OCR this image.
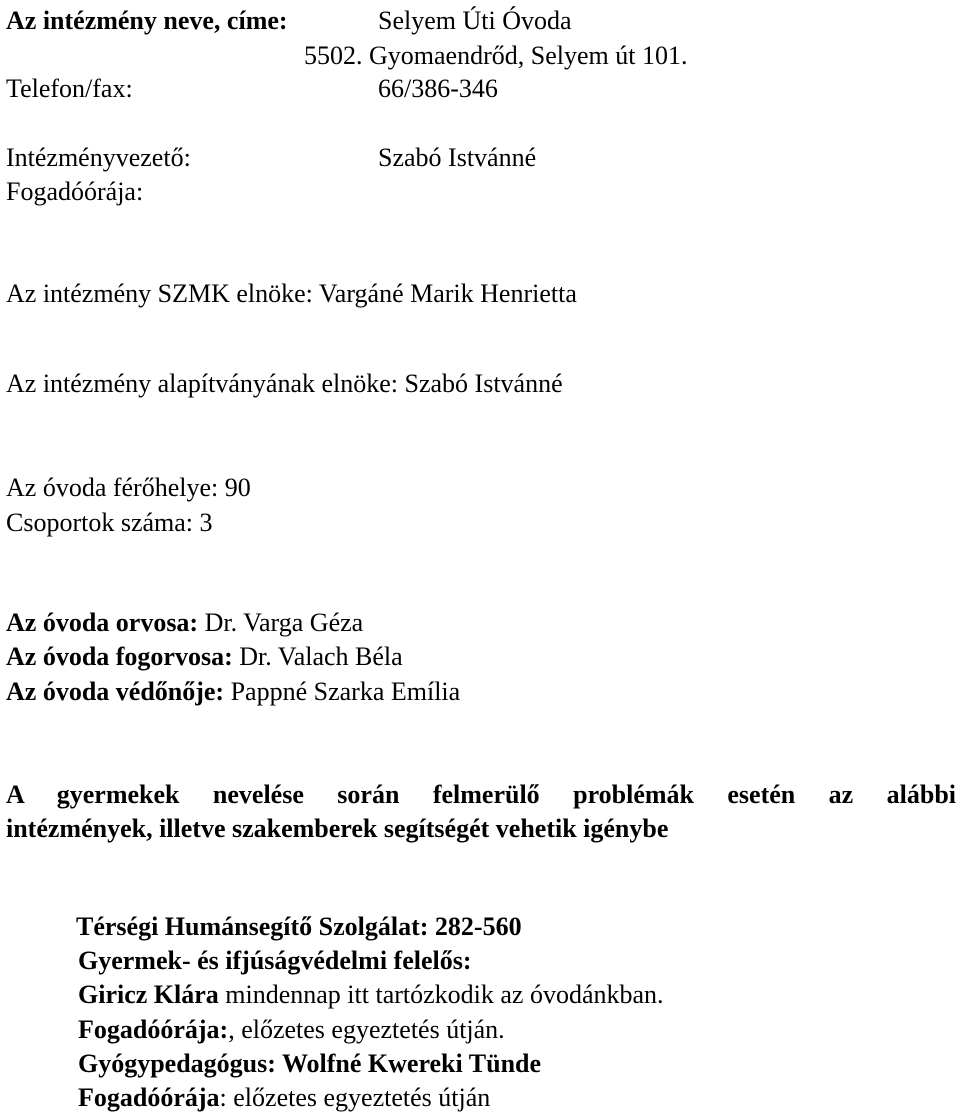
Az intézmény neve, címe:	Selyem Úti Óvoda
5502. Gyomaendrőd, Selyem út 101.
Telefon/fax:	66/386-346
Intézményvezető:	Szabó Istvánné
Fogadóórája:
Az intézmény SZMK elnöke: Vargáné Marik Henrietta
Az intézmény alapítványának elnöke: Szabó Istvánné
Az óvoda férőhelye: 90
Csoportok száma: 3
Az óvoda orvosa: Dr. Varga Géza
Az óvoda fogorvosa: Dr. Valach Béla
Az óvoda védőnője: Pappné Szarka Emília
A gyermekek nevelése során felmerülő problémák esetén az alábbi
intézmények, illetve szakemberek segítségét vehetik igénybe
Térségi Humánsegítő Szolgálat: 282-560
Gyermek- és ifjúságvédelmi felelős:
Giricz Klára mindennap itt tartózkodik az óvodánkban.
Fogadóórája:, előzetes egyeztetés útján.
Gyógypedagógus: Wolfné Kwereki Tünde
Fogadóórája: előzetes egyeztetés útján
